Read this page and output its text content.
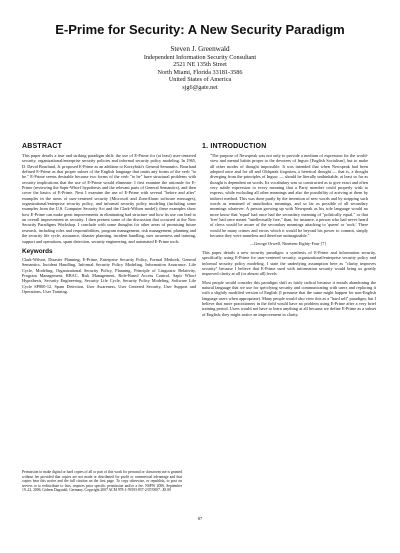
E-Prime for Security: A New Security Paradigm
Steven J. Greenwald
Independent Information Security Consultant
2521 NE 135th Street
North Miami, Florida 33181-3586
United States of America
sjg6@gate.net
ABSTRACT

This paper details a true and striking paradigm shift: the use of E-Prime for (at least) user-centered security, organizational/enterprise security policies and informal security policy modeling. In 1965, D. David Bourland, Jr. proposed E-Prime as an addition to Korzybski's General Semantics. Bourland defined E-Prime as that proper subset of the English language that omits any forms of the verb "to be." E-Prime seems desirable because two forms of the verb "to be" have structural problems with security implications that the use of E-Prime would eliminate. I first examine the rationale for E-Prime (reviewing the Sapir-Whorf hypothesis and the relevant parts of General Semantics), and then cover the basics of E-Prime. Next I examine the use of E-Prime with several "before and after" examples in the areas of user-centered security (Microsoft and ZoneAlarm software messages), organizational/enterprise security policy, and informal security policy modeling (including some examples from the U.S. Computer Security Act and the Clark-Wilson model); these examples show how E-Prime can make great improvements in eliminating bad structure and how its use can lead to an overall improvement in security. I then present some of the discussion that occurred at the New Security Paradigms Workshop. I conclude with some thoughts for other areas of promising future research, including roles and responsibilities, program management, risk management, planning and the security life cycle, assurance, disaster planning, incident handling, user awareness and training, support and operations, spam detection, security engineering, and automated E-Prime tools.

Keywords

Clark-Wilson, Disaster Planning, E-Prime, Enterprise Security Policy, Formal Methods, General Semantics, Incident Handling, Informal Security Policy Modeling, Information Assurance, Life Cycle, Modeling, Organizational Security Policy, Planning, Principle of Linguistic Relativity, Program Management, RBAC, Risk Management, Role-Based Access Control, Sapir Whorf Hypothesis, Security Engineering, Security Life Cycle, Security Policy Modeling, Software Life Cycle SP800-12, Spam Detection, User Awareness, User Centered Security, User Support and Operations, User Training.

Permission to make digital or hard copies of all or part of this work for personal or classroom use is granted without fee provided that copies are not made or distributed for profit or commercial advantage and that copies bear this notice and the full citation on the first page. To copy otherwise, or republish, to post on servers or to redistribute to lists, requires prior specific permission and/or a fee. NSPW 2006, September 19–22, 2006, Gideon Dagstuhl, Germany. Copyright 2007 ACM 978-1-59593-857-2/07/0007...$5.00
1. INTRODUCTION

"The purpose of Newspeak was not only to provide a medium of expression for the world-view and mental habits proper to the devotees of Ingsoc [English Socialism], but to make all other modes of thought impossible. It was intended that when Newspeak had been adopted once and for all and Oldspeak forgotten, a heretical thought — that is, a thought diverging from the principles of Ingsoc — should be literally unthinkable, at least so far as thought is dependent on words. Its vocabulary was so constructed as to give exact and often very subtle expression to every meaning that a Party member could properly wish to express, while excluding all other meanings and also the possibility of arriving at them by indirect method. This was done partly by the invention of new words and by stripping such words as remained of unorthodox meanings, and so far as possible of all secondary meanings whatever. A person growing up with Newspeak as his sole language would no more know that 'equal' had once had the secondary meaning of "politically equal," or that 'free' had once meant "intellectually free," than, for instance, a person who had never heard of chess would be aware of the secondary meanings attaching to 'queen' or 'rook.' There would be many crimes and errors which it would be beyond his power to commit, simply because they were nameless and therefore unimaginable."

—George Orwell, Nineteen Eighty-Four [7]

This paper details a new security paradigm: a synthesis of E-Prime and information security, specifically, using E-Prime for user-centered security, organizational/enterprise security policy and informal security policy modeling. I state the underlying assumption here as "clarity improves security" because I believe that E-Prime used with information security would bring us greatly improved clarity at all (or almost all) levels.

Most people would consider this paradigm shift as fairly radical because it entails abandoning the natural language that we use for specifying security and communicating with users and replacing it with a slightly modified version of English (I presume that the same might happen for non-English language users when appropriate). Many people would also view this as a "hard sell" paradigm, but I believe that more practitioners in the field would have no problem using E-Prime after a very brief training period. Users would not have to learn anything at all because we define E-Prime as a subset of English; they might notice an improvement in clarity.

87
